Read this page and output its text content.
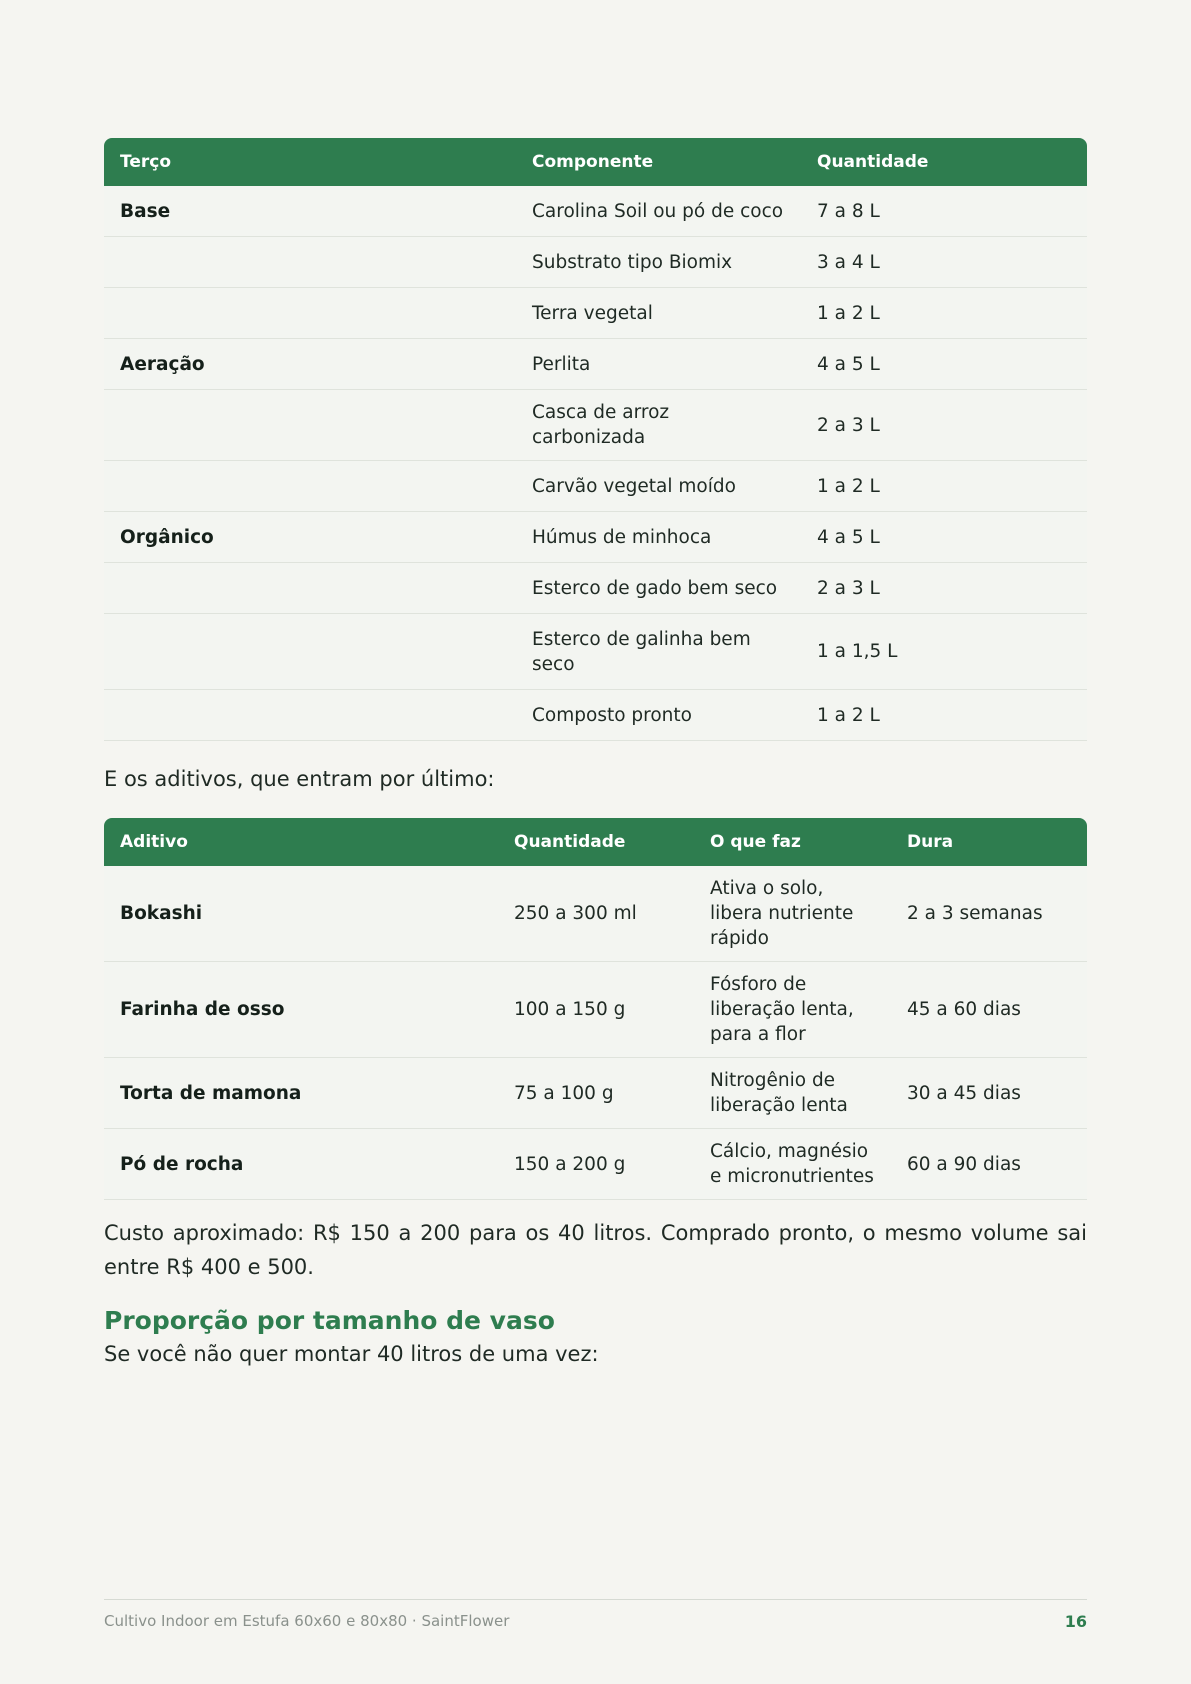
Terço	Componente	Quantidade
Base	Carolina Soil ou pó de coco	7 a 8 L
	Substrato tipo Biomix	3 a 4 L
	Terra vegetal	1 a 2 L
Aeração	Perlita	4 a 5 L
	Casca de arroz carbonizada	2 a 3 L
	Carvão vegetal moído	1 a 2 L
Orgânico	Húmus de minhoca	4 a 5 L
	Esterco de gado bem seco	2 a 3 L
	Esterco de galinha bem seco	1 a 1,5 L
	Composto pronto	1 a 2 L

E os aditivos, que entram por último:

Aditivo	Quantidade	O que faz	Dura
Bokashi	250 a 300 ml	Ativa o solo, libera nutriente rápido	2 a 3 semanas
Farinha de osso	100 a 150 g	Fósforo de liberação lenta, para a flor	45 a 60 dias
Torta de mamona	75 a 100 g	Nitrogênio de liberação lenta	30 a 45 dias
Pó de rocha	150 a 200 g	Cálcio, magnésio e micronutrientes	60 a 90 dias

Custo aproximado: R$ 150 a 200 para os 40 litros. Comprado pronto, o mesmo volume sai entre R$ 400 e 500.

Proporção por tamanho de vaso

Se você não quer montar 40 litros de uma vez:

Cultivo Indoor em Estufa 60x60 e 80x80 · SaintFlower	16
